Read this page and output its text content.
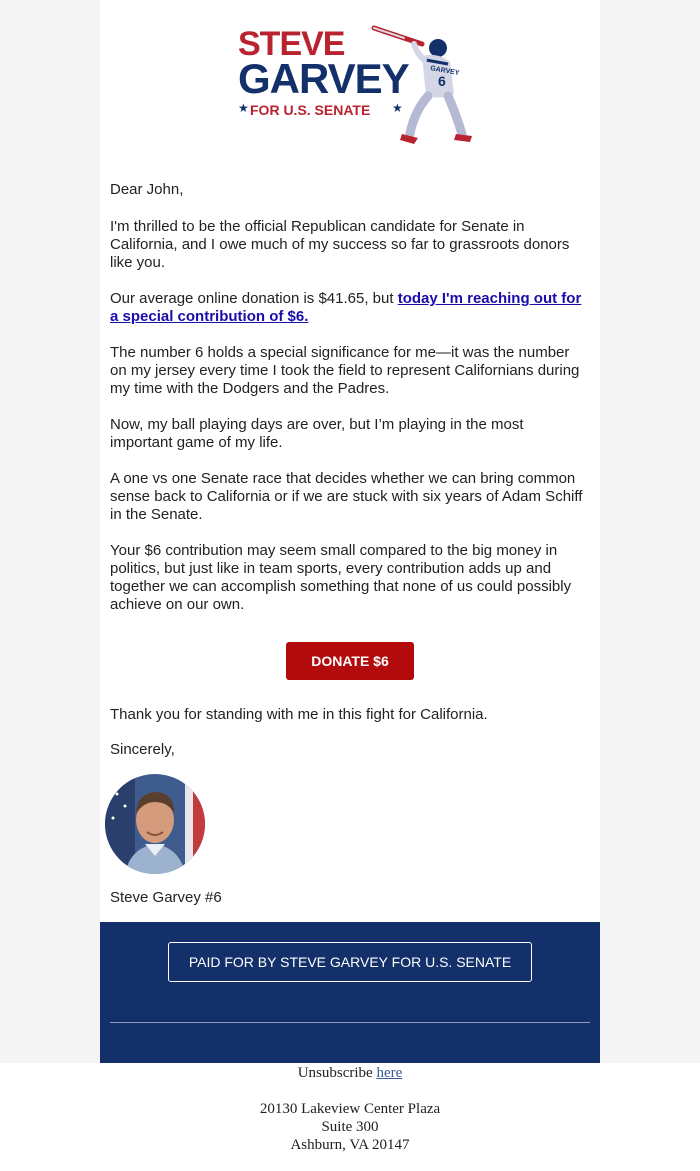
STEVE
GARVEY
★ FOR U.S. SENATE ★
GARVEY
6
Dear John,

I'm thrilled to be the official Republican candidate for Senate in California, and I owe much of my success so far to grassroots donors like you.

Our average online donation is $41.65, but today I'm reaching out for a special contribution of $6.

The number 6 holds a special significance for me—it was the number on my jersey every time I took the field to represent Californians during my time with the Dodgers and the Padres.

Now, my ball playing days are over, but I’m playing in the most important game of my life.

A one vs one Senate race that decides whether we can bring common sense back to California or if we are stuck with six years of Adam Schiff in the Senate.

Your $6 contribution may seem small compared to the big money in politics, but just like in team sports, every contribution adds up and together we can accomplish something that none of us could possibly achieve on our own.

DONATE $6
Thank you for standing with me in this fight for California.
Sincerely,
Steve Garvey #6
PAID FOR BY STEVE GARVEY FOR U.S. SENATE
Unsubscribe here
20130 Lakeview Center Plaza
Suite 300
Ashburn, VA 20147
